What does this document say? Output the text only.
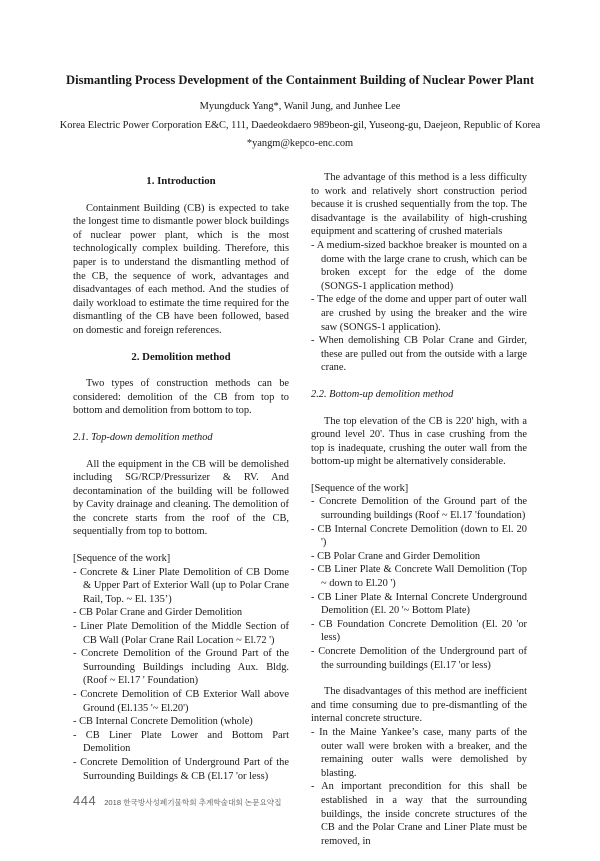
Dismantling Process Development of the Containment Building of Nuclear Power Plant
Myungduck Yang*, Wanil Jung, and Junhee Lee
Korea Electric Power Corporation E&C, 111, Daedeokdaero 989beon-gil, Yuseong-gu, Daejeon, Republic of Korea
*yangm@kepco-enc.com
1. Introduction

Containment Building (CB) is expected to take the longest time to dismantle power block buildings of nuclear power plant, which is the most technologically complex building. Therefore, this paper is to understand the dismantling method of the CB, the sequence of work, advantages and disadvantages of each method. And the studies of daily workload to estimate the time required for the dismantling of the CB have been followed, based on domestic and foreign references.

2. Demolition method

Two types of construction methods can be considered: demolition of the CB from top to bottom and demolition from bottom to top.

2.1. Top-down demolition method

All the equipment in the CB will be demolished including SG/RCP/Pressurizer & RV. And decontamination of the building will be followed by Cavity drainage and cleaning. The demolition of the concrete starts from the roof of the CB, sequentially from top to bottom.

[Sequence of the work]
- Concrete & Liner Plate Demolition of CB Dome & Upper Part of Exterior Wall (up to Polar Crane Rail, Top. ~ El. 135’)
- CB Polar Crane and Girder Demolition
- Liner Plate Demolition of the Middle Section of CB Wall (Polar Crane Rail Location ~ El.72 ')
- Concrete Demolition of the Ground Part of the Surrounding Buildings including Aux. Bldg. (Roof ~ El.17 ' Foundation)
- Concrete Demolition of CB Exterior Wall above Ground (El.135 '~ El.20')
- CB Internal Concrete Demolition (whole)
- CB Liner Plate Lower and Bottom Part Demolition
- Concrete Demolition of Underground Part of the Surrounding Buildings & CB (El.17 'or less)

The advantage of this method is a less difficulty to work and relatively short construction period because it is crushed sequentially from the top. The disadvantage is the availability of high-crushing equipment and scattering of crushed materials

- A medium-sized backhoe breaker is mounted on a dome with the large crane to crush, which can be broken except for the edge of the dome (SONGS-1 application method)
- The edge of the dome and upper part of outer wall are crushed by using the breaker and the wire saw (SONGS-1 application).
- When demolishing CB Polar Crane and Girder, these are pulled out from the outside with a large crane.
2.2. Bottom-up demolition method

The top elevation of the CB is 220' high, with a ground level 20'. Thus in case crushing from the top is inadequate, crushing the outer wall from the bottom-up might be alternatively considerable.

[Sequence of the work]
- Concrete Demolition of the Ground part of the surrounding buildings (Roof ~ El.17 'foundation)
- CB Internal Concrete Demolition (down to El. 20 ')
- CB Polar Crane and Girder Demolition
- CB Liner Plate & Concrete Wall Demolition (Top ~ down to El.20 ')
- CB Liner Plate & Internal Concrete Underground Demolition (El. 20 '~ Bottom Plate)
- CB Foundation Concrete Demolition (El. 20 'or less)
- Concrete Demolition of the Underground part of the surrounding buildings (El.17 'or less)

The disadvantages of this method are inefficient and time consuming due to pre-dismantling of the internal concrete structure.

- In the Maine Yankee’s case, many parts of the outer wall were broken with a breaker, and the remaining outer walls were demolished by blasting.
- An important precondition for this shall be established in a way that the surrounding buildings, the inside concrete structures of the CB and the Polar Crane and Liner Plate must be removed, in
444 2018 한국방사성폐기물학회 추계학술대회 논문요약집
